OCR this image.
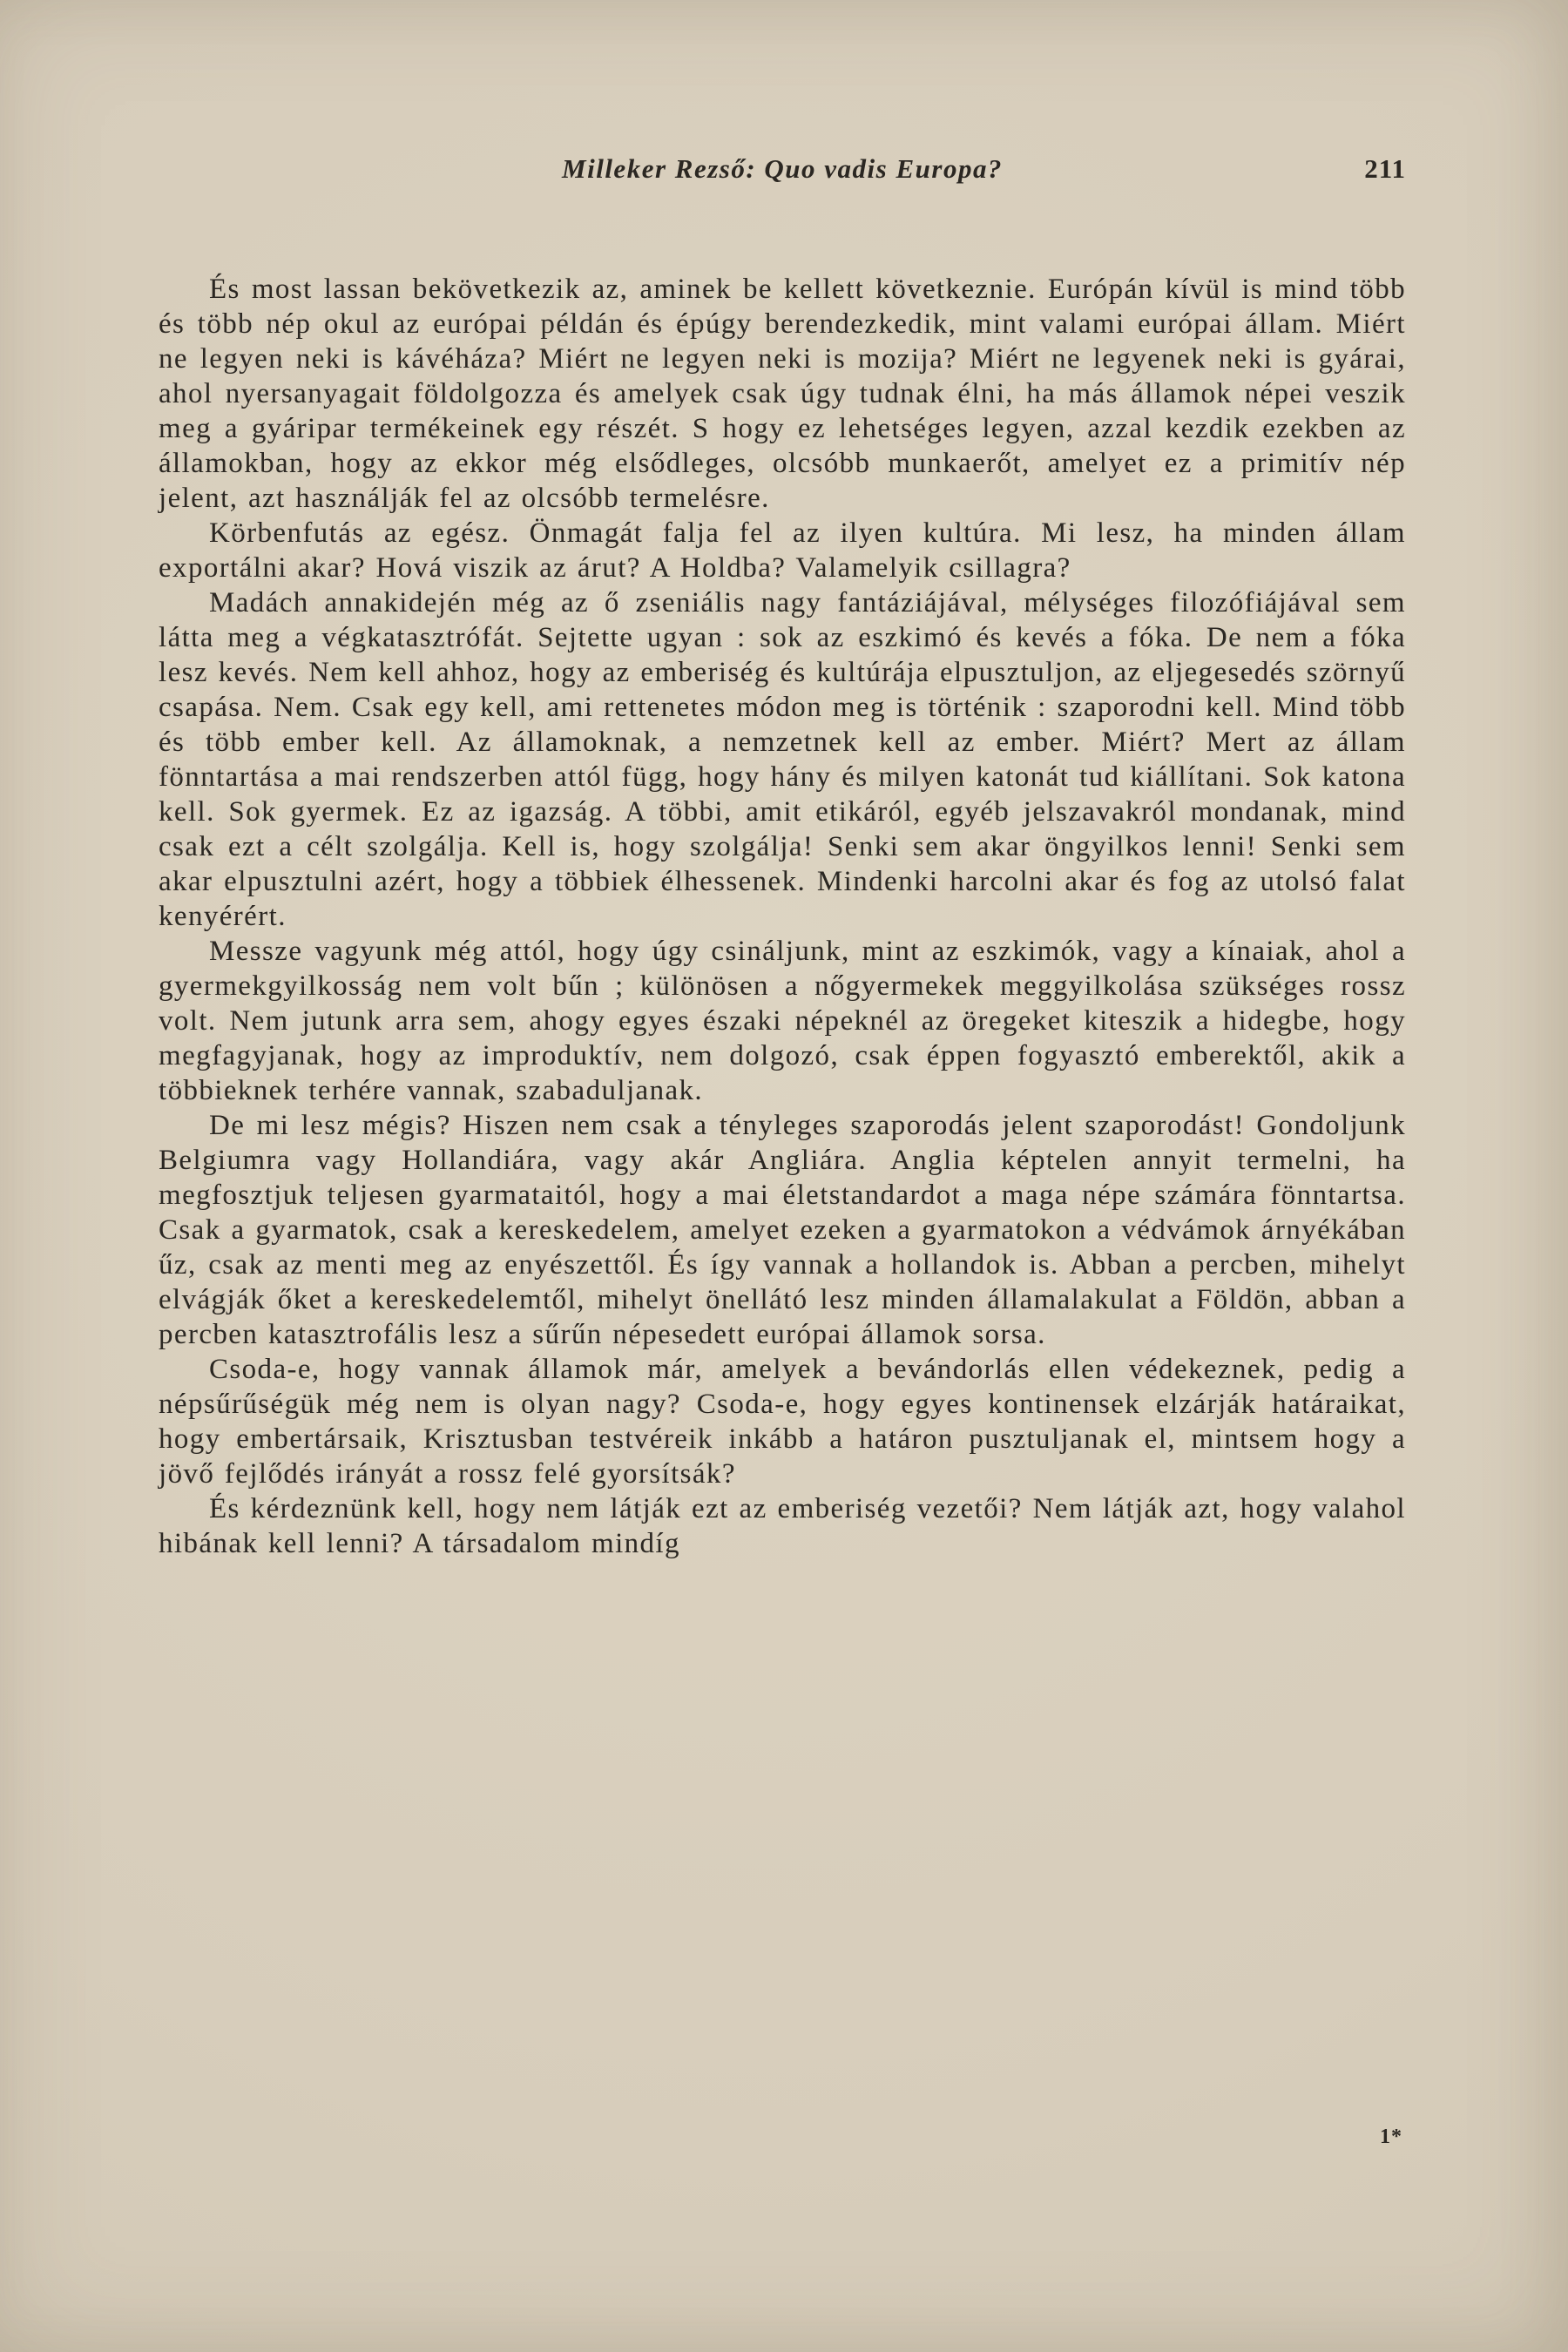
Milleker Rezső: Quo vadis Europa?	211

És most lassan bekövetkezik az, aminek be kellett következnie. Európán kívül is mind több és több nép okul az európai példán és épúgy berendezkedik, mint valami európai állam. Miért ne legyen neki is kávéháza? Miért ne legyen neki is mozija? Miért ne legyenek neki is gyárai, ahol nyersanyagait földolgozza és amelyek csak úgy tudnak élni, ha más államok népei veszik meg a gyáripar termékeinek egy részét. S hogy ez lehetséges legyen, azzal kezdik ezekben az államokban, hogy az ekkor még elsődleges, olcsóbb munkaerőt, amelyet ez a primitív nép jelent, azt használják fel az olcsóbb termelésre.

Körbenfutás az egész. Önmagát falja fel az ilyen kultúra. Mi lesz, ha minden állam exportálni akar? Hová viszik az árut? A Holdba? Valamelyik csillagra?

Madách annakidején még az ő zseniális nagy fantáziájával, mélységes filozófiájával sem látta meg a végkatasztrófát. Sejtette ugyan : sok az eszkimó és kevés a fóka. De nem a fóka lesz kevés. Nem kell ahhoz, hogy az emberiség és kultúrája elpusztuljon, az eljegesedés szörnyű csapása. Nem. Csak egy kell, ami rettenetes módon meg is történik : szaporodni kell. Mind több és több ember kell. Az államoknak, a nemzetnek kell az ember. Miért? Mert az állam fönntartása a mai rendszerben attól függ, hogy hány és milyen katonát tud kiállítani. Sok katona kell. Sok gyermek. Ez az igazság. A többi, amit etikáról, egyéb jelszavakról mondanak, mind csak ezt a célt szolgálja. Kell is, hogy szolgálja! Senki sem akar öngyilkos lenni! Senki sem akar elpusztulni azért, hogy a többiek élhessenek. Mindenki harcolni akar és fog az utolsó falat kenyérért.

Messze vagyunk még attól, hogy úgy csináljunk, mint az eszkimók, vagy a kínaiak, ahol a gyermekgyilkosság nem volt bűn ; különösen a nőgyermekek meggyilkolása szükséges rossz volt. Nem jutunk arra sem, ahogy egyes északi népeknél az öregeket kiteszik a hidegbe, hogy megfagyjanak, hogy az improduktív, nem dolgozó, csak éppen fogyasztó emberektől, akik a többieknek terhére vannak, szabaduljanak.

De mi lesz mégis? Hiszen nem csak a tényleges szaporodás jelent szaporodást! Gondoljunk Belgiumra vagy Hollandiára, vagy akár Angliára. Anglia képtelen annyit termelni, ha megfosztjuk teljesen gyarmataitól, hogy a mai életstandardot a maga népe számára fönntartsa. Csak a gyarmatok, csak a kereskedelem, amelyet ezeken a gyarmatokon a védvámok árnyékában űz, csak az menti meg az enyészettől. És így vannak a hollandok is. Abban a percben, mihelyt elvágják őket a kereskedelemtől, mihelyt önellátó lesz minden államalakulat a Földön, abban a percben katasztrofális lesz a sűrűn népesedett európai államok sorsa.

Csoda-e, hogy vannak államok már, amelyek a bevándorlás ellen védekeznek, pedig a népsűrűségük még nem is olyan nagy? Csoda-e, hogy egyes kontinensek elzárják határaikat, hogy embertársaik, Krisztusban testvéreik inkább a határon pusztuljanak el, mintsem hogy a jövő fejlődés irányát a rossz felé gyorsítsák?

És kérdeznünk kell, hogy nem látják ezt az emberiség vezetői? Nem látják azt, hogy valahol hibának kell lenni? A társadalom mindíg

1*
